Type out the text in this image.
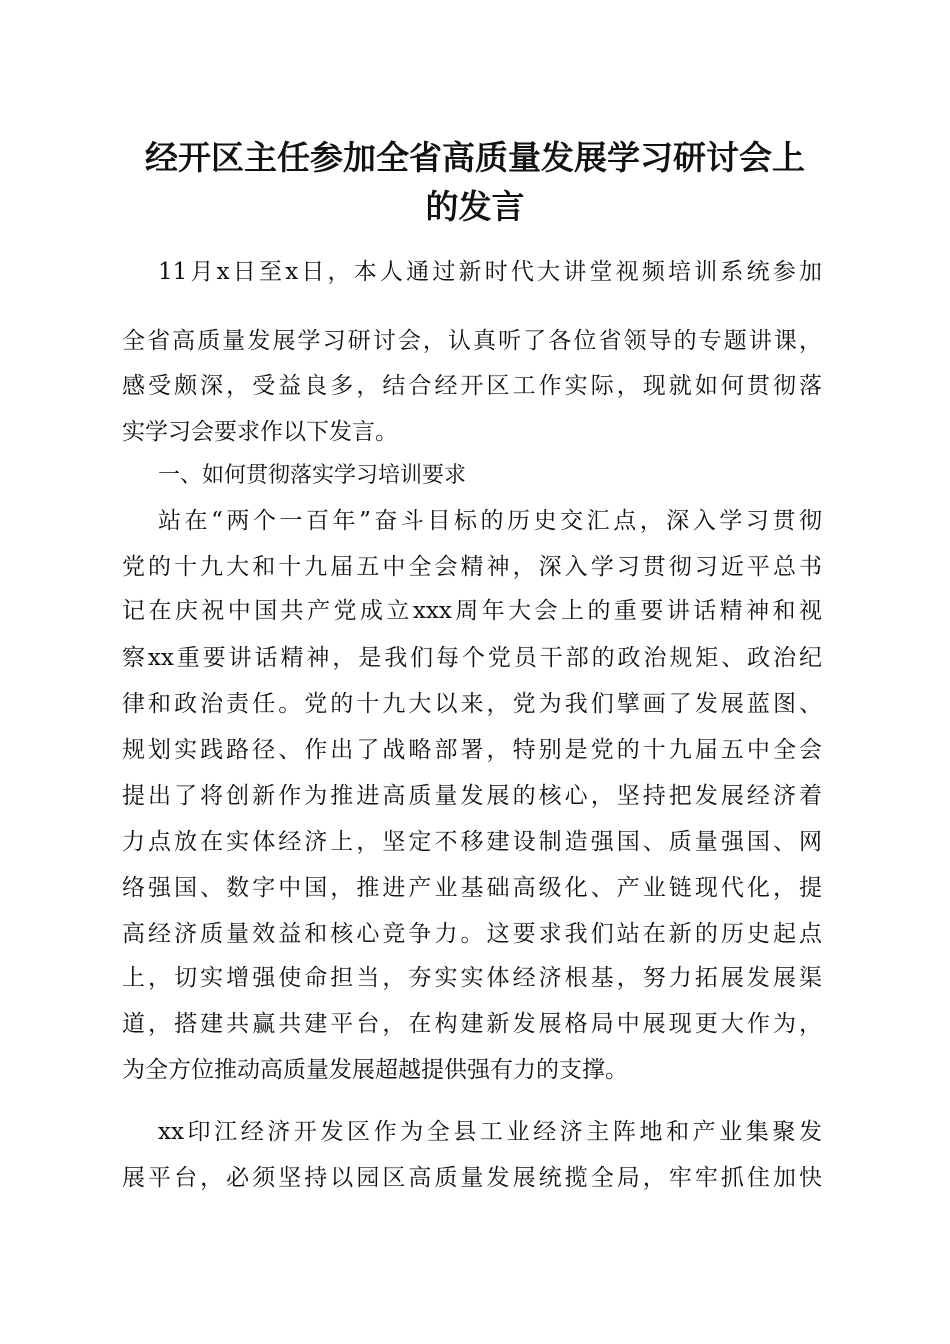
经开区主任参加全省高质量发展学习研讨会上
的发言
11月x日至x日，本人通过新时代大讲堂视频培训系统参加
全省高质量发展学习研讨会，认真听了各位省领导的专题讲课，
感受颇深，受益良多，结合经开区工作实际，现就如何贯彻落
实学习会要求作以下发言。
一、如何贯彻落实学习培训要求
站在“两个一百年”奋斗目标的历史交汇点，深入学习贯彻
党的十九大和十九届五中全会精神，深入学习贯彻习近平总书
记在庆祝中国共产党成立xxx周年大会上的重要讲话精神和视
察xx重要讲话精神，是我们每个党员干部的政治规矩、政治纪
律和政治责任。党的十九大以来，党为我们擘画了发展蓝图、
规划实践路径、作出了战略部署，特别是党的十九届五中全会
提出了将创新作为推进高质量发展的核心，坚持把发展经济着
力点放在实体经济上，坚定不移建设制造强国、质量强国、网
络强国、数字中国，推进产业基础高级化、产业链现代化，提
高经济质量效益和核心竞争力。这要求我们站在新的历史起点
上，切实增强使命担当，夯实实体经济根基，努力拓展发展渠
道，搭建共赢共建平台，在构建新发展格局中展现更大作为，
为全方位推动高质量发展超越提供强有力的支撑。
xx印江经济开发区作为全县工业经济主阵地和产业集聚发
展平台，必须坚持以园区高质量发展统揽全局，牢牢抓住加快
